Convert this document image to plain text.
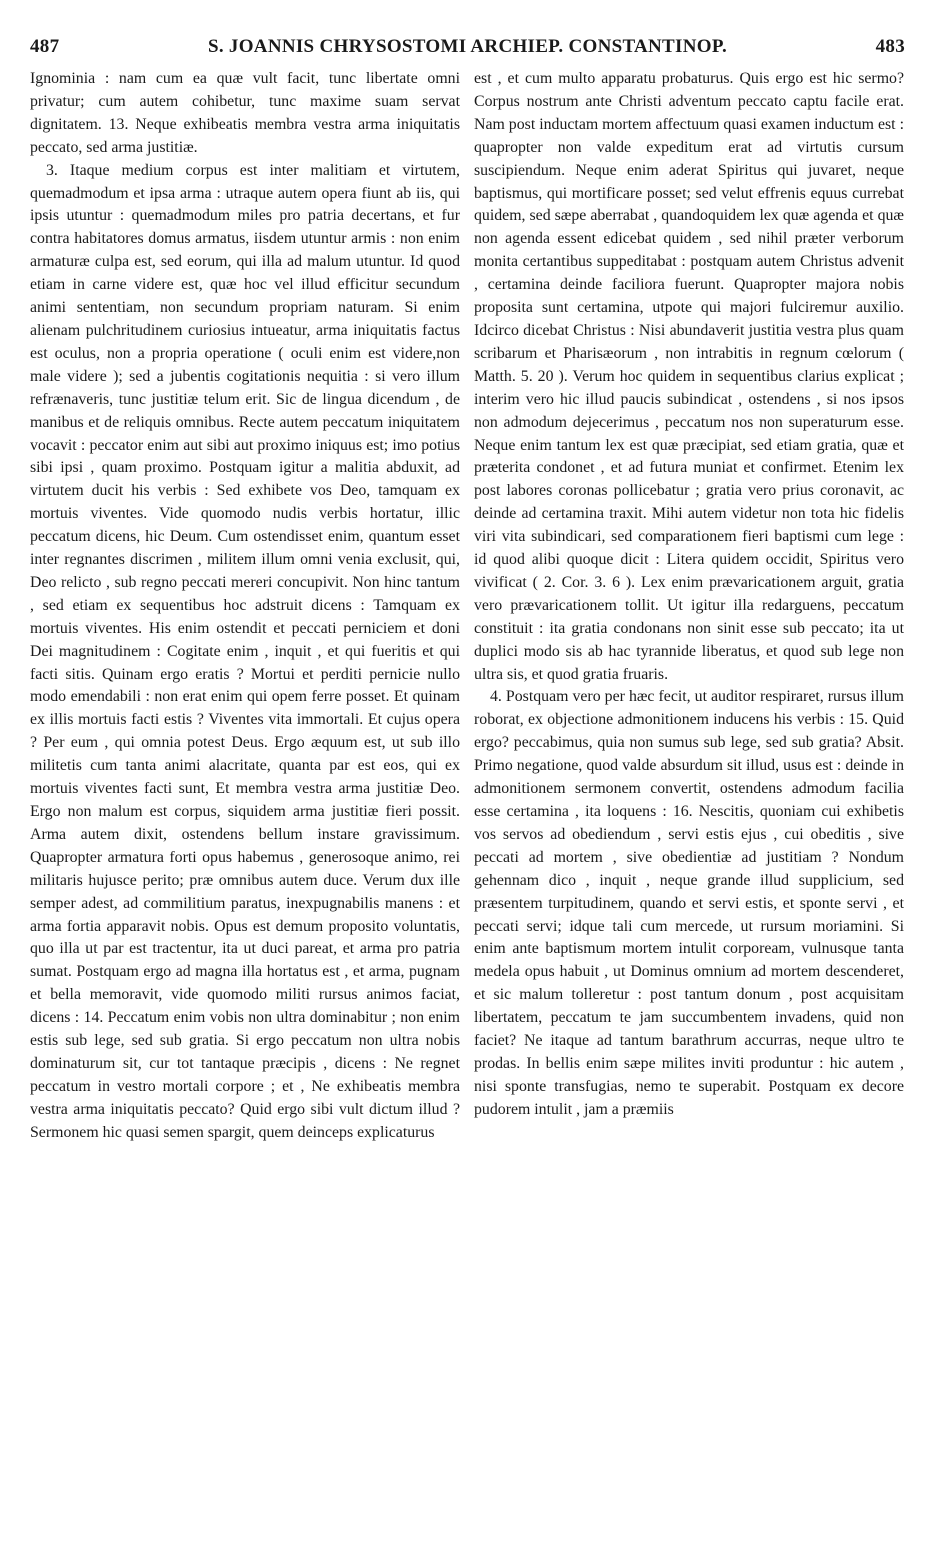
487	S. JOANNIS CHRYSOSTOMI ARCHIEP. CONSTANTINOP.	483

Ignominia : nam cum ea quæ vult facit, tunc libertate omni privatur; cum autem cohibetur, tunc maxime suam servat dignitatem. 13. Neque exhibeatis membra vestra arma iniquitatis peccato, sed arma justitiæ.

3. Itaque medium corpus est inter malitiam et virtutem, quemadmodum et ipsa arma : utraque autem opera fiunt ab iis, qui ipsis utuntur : quemadmodum miles pro patria decertans, et fur contra habitatores domus armatus, iisdem utuntur armis : non enim armaturæ culpa est, sed eorum, qui illa ad malum utuntur. Id quod etiam in carne videre est, quæ hoc vel illud efficitur secundum animi sententiam, non secundum propriam naturam. Si enim alienam pulchritudinem curiosius intueatur, arma iniquitatis factus est oculus, non a propria operatione ( oculi enim est videre,non male videre ); sed a jubentis cogitationis nequitia : si vero illum refrænaveris, tunc justitiæ telum erit. Sic de lingua dicendum , de manibus et de reliquis omnibus. Recte autem peccatum iniquitatem vocavit : peccator enim aut sibi aut proximo iniquus est; imo potius sibi ipsi , quam proximo. Postquam igitur a malitia abduxit, ad virtutem ducit his verbis : Sed exhibete vos Deo, tamquam ex mortuis viventes. Vide quomodo nudis verbis hortatur, illic peccatum dicens, hic Deum. Cum ostendisset enim, quantum esset inter regnantes discrimen , militem illum omni venia exclusit, qui, Deo relicto , sub regno peccati mereri concupivit. Non hinc tantum , sed etiam ex sequentibus hoc adstruit dicens : Tamquam ex mortuis viventes. His enim ostendit et peccati perniciem et doni Dei magnitudinem : Cogitate enim , inquit , et qui fueritis et qui facti sitis. Quinam ergo eratis ? Mortui et perditi pernicie nullo modo emendabili : non erat enim qui opem ferre posset. Et quinam ex illis mortuis facti estis ? Viventes vita immortali. Et cujus opera ? Per eum , qui omnia potest Deus. Ergo æquum est, ut sub illo militetis cum tanta animi alacritate, quanta par est eos, qui ex mortuis viventes facti sunt, Et membra vestra arma justitiæ Deo. Ergo non malum est corpus, siquidem arma justitiæ fieri possit. Arma autem dixit, ostendens bellum instare gravissimum. Quapropter armatura forti opus habemus , generosoque animo, rei militaris hujusce perito; præ omnibus autem duce. Verum dux ille semper adest, ad commilitium paratus, inexpugnabilis manens : et arma fortia apparavit nobis. Opus est demum proposito voluntatis, quo illa ut par est tractentur, ita ut duci pareat, et arma pro patria sumat. Postquam ergo ad magna illa hortatus est , et arma, pugnam et bella memoravit, vide quomodo militi rursus animos faciat, dicens : 14. Peccatum enim vobis non ultra dominabitur ; non enim estis sub lege, sed sub gratia. Si ergo peccatum non ultra nobis dominaturum sit, cur tot tantaque præcipis , dicens : Ne regnet peccatum in vestro mortali corpore ; et , Ne exhibeatis membra vestra arma iniquitatis peccato? Quid ergo sibi vult dictum illud ? Sermonem hic quasi semen spargit, quem deinceps explicaturus

est , et cum multo apparatu probaturus. Quis ergo est hic sermo? Corpus nostrum ante Christi adventum peccato captu facile erat. Nam post inductam mortem affectuum quasi examen inductum est : quapropter non valde expeditum erat ad virtutis cursum suscipiendum. Neque enim aderat Spiritus qui juvaret, neque baptismus, qui mortificare posset; sed velut effrenis equus currebat quidem, sed sæpe aberrabat , quandoquidem lex quæ agenda et quæ non agenda essent edicebat quidem , sed nihil præter verborum monita certantibus suppeditabat : postquam autem Christus advenit , certamina deinde faciliora fuerunt. Quapropter majora nobis proposita sunt certamina, utpote qui majori fulciremur auxilio. Idcirco dicebat Christus : Nisi abundaverit justitia vestra plus quam scribarum et Pharisæorum , non intrabitis in regnum cœlorum ( Matth. 5. 20 ). Verum hoc quidem in sequentibus clarius explicat ; interim vero hic illud paucis subindicat , ostendens , si nos ipsos non admodum dejecerimus , peccatum nos non superaturum esse. Neque enim tantum lex est quæ præcipiat, sed etiam gratia, quæ et præterita condonet , et ad futura muniat et confirmet. Etenim lex post labores coronas pollicebatur ; gratia vero prius coronavit, ac deinde ad certamina traxit. Mihi autem videtur non tota hic fidelis viri vita subindicari, sed comparationem fieri baptismi cum lege : id quod alibi quoque dicit : Litera quidem occidit, Spiritus vero vivificat ( 2. Cor. 3. 6 ). Lex enim prævaricationem arguit, gratia vero prævaricationem tollit. Ut igitur illa redarguens, peccatum constituit : ita gratia condonans non sinit esse sub peccato; ita ut duplici modo sis ab hac tyrannide liberatus, et quod sub lege non ultra sis, et quod gratia fruaris.

4. Postquam vero per hæc fecit, ut auditor respiraret, rursus illum roborat, ex objectione admonitionem inducens his verbis : 15. Quid ergo? peccabimus, quia non sumus sub lege, sed sub gratia? Absit. Primo negatione, quod valde absurdum sit illud, usus est : deinde in admonitionem sermonem convertit, ostendens admodum facilia esse certamina , ita loquens : 16. Nescitis, quoniam cui exhibetis vos servos ad obediendum , servi estis ejus , cui obeditis , sive peccati ad mortem , sive obedientiæ ad justitiam ? Nondum gehennam dico , inquit , neque grande illud supplicium, sed præsentem turpitudinem, quando et servi estis, et sponte servi , et peccati servi; idque tali cum mercede, ut rursum moriamini. Si enim ante baptismum mortem intulit corpoream, vulnusque tanta medela opus habuit , ut Dominus omnium ad mortem descenderet, et sic malum tolleretur : post tantum donum , post acquisitam libertatem, peccatum te jam succumbentem invadens, quid non faciet? Ne itaque ad tantum barathrum accurras, neque ultro te prodas. In bellis enim sæpe milites inviti produntur : hic autem , nisi sponte transfugias, nemo te superabit. Postquam ex decore pudorem intulit , jam a præmiis
